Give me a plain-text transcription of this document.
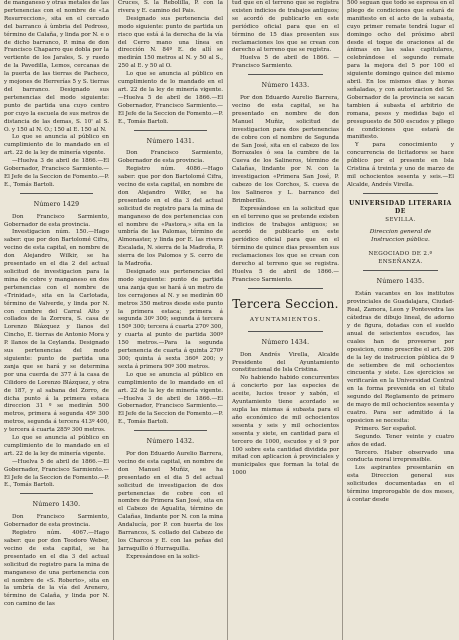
de manganeso y otras metales de las pertenencias con el nombre de «La Resurreccion», sita en el cercado del barranco á ùmbria del Pedroso, término de Calaña, y linda por N. e o de dicho barranco, P. mina de don Francisco Chaparro que dobla por la vertiente de los Jarales, S. y ruedo de la Pavedilla, Lemos, cercanas de la puerta de las tierras de Pacheco, y mojones de Herrerías 5 y S. tierras del barranco. Designado sus pertenencias del modo siguiente: punto de partida una cuyo centro por cuyo la escuela de sus metros de distancia de las demas, S. 10' al S. O. y 150 al N. O.; 150 al E. 150 al N.

Lo que se anuncia al público en cumplimiento de lo mandado en el art. 22 de la ley de minería vigente.

—Huelva 3 de abril de 1866.—El Gobernador, Francisco Sarmiento.—El Jefe de la Seccion de Fomento.—P. E., Tomás Bartoli.

Número 1429

Don Francisco Sarmiento, Gobernador de esta provincia.

Investigacion núm. 150.—Hago saber: que por don Bartolomé Cifra, vecino de esta capital, en nombre de don Alejandro Wilkir, se ha presentado en el dia 2 del actual solicitud de investigacion para la mina de cobre y manganeso en dos pertenencias con el nombre de «Trinidad», sita en la Carlotada, término de Valverde, y linda por N. con cumbre del Carral Alto y collados de la Zorrera, S. casa de Lorenzo Blázquez y llanos del Cincho, E. tierras de Antonio Mora y P. llanos de la Ceylanda. Designado sus pertenencias del modo siguiente: punto de partida una zanja que se hará y se determina por una cuerda de 377 á la casa de Cilidoro de Lorenzo Blázquez, y otra de 187, y al sabana del Zorro, de dicha punto á la primera estaca direccion 31 º se medirán 500 metros, primera á segunda 45º 300 metros, segunda á tercera 413º 400, y tercera á cuarta 285º 300 metros.

Lo que se anuncia al público en cumplimiento de lo mandado en el art. 22 de la ley de minería vigente.

—Huelva 5 de abril de 1866.—El Gobernador, Francisco Sarmiento.—El Jefe de la Seccion de Fomento.—P. E., Tomás Bartoli.

Número 1430.

Don Francisco Sarmiento, Gobernador de esta provincia.

Registro núm. 4067.—Hago saber: que por don Teodoro Weber, vecino de esta capital, se ha presentado en el dia 3 del actual solicitud de registro para la mina de manganeso de una pertenencia con el nombre de «S. Roberto», sita en la umbría de la vía del Arenero, término de Calaña, y linda por N. con camino de las

Cruces, S. la Rebolilla, P. con la rivera y E. camino del Pais.

Designado sus pertenencia del modo siguiente: punto de partida un risco que está á la derecha de la vía del Cerro mano una línea en dirección N. 84º E. de allí se medirán 150 metros al N. y 50 al S., 250 al E. y 50 al O.

Lo que se anuncia al público en cumplimiento de lo mandado en el art. 22 de la ley de minería vigente. —Huelva 5 de abril de 1866.—El Gobernador, Francisco Sarmiento.—El Jefe de la Seccion de Fomento.—P. E., Tomás Bartoli.

Número 1431.

Don Francisco Sarmiento, Gobernador de esta provincia.

Registro núm. 4086.—Hago saber: que por don Bartolomé Cifra, vecino de esta capital, en nombre de don Alejandro Wilkr, se ha presentado en el dia 3 del actual solicitud de registro para la mina de manganeso de dos pertenencias con el nombre de «Pastora,» sita en la umbría de las Palomas, término de Almonaster, y linda por E. las rivera Escalada, N. sierra de la Madroña, P. sierra de los Palomos y S. cerro de la Madroña.

Designado sus pertenencias del modo siguiente: punto de partida una zanja que se hará á un metro de los cerrajones al N. y se medirán 60 metros 350 metros desde este punto la primera estaca; primera á segunda 30º 300; segunda á tercera 150º 300; tercera á cuarta 270º 300, y cuarta al punto de partida 300º 150 metros.—Para la segunda pertenencia de cuarta á quinta 270º 300; quinta á sexta 360º 200; y sexta á primera 90º 300 metros.

Lo que se anuncia al público en cumplimiento de lo mandado en el art. 22 de la ley de minería vigente. —Huelva 3 de abril de 1866.—El Gobernador, Francisco Sarmiento.—El Jefe de la Seccion de Fomento.—P. E., Tomás Bartoli.

Número 1432.

Por don Eduardo Aurelio Barrera, vecino de esta capital, en nombre de don Manuel Muñiz, se ha presentado en el dia 5 del actual solicitud de investigacion de dos pertenencias de cobre con el nombre de Primera San José, sita en el Cabezo de Agualita, término de Calañas, lindante por N. con la mina Andalucía, por P. con huerta de los Barrancos, S. collado del Cabezo de los Charcos y E. con las peñas del Jarraquillo ó Hurraquilla.

Expresándose en la solici-

tud que en el terreno que se registra existen indicios de trabajos antiguos; se acordó de publicarlo en este periódico oficial para que en el término de 15 dias presenten sus reclamaciones los que se crean con derecho al terreno que se registra.

Huelva 5 de abril de 1866. —Francisco Sarmiento.

Número 1433.

Por don Eduardo Aurelio Barrera, vecino de esta capital, se ha presentado en nombre de don Manuel Muñiz, solicitud de investigacion para dos pertenencias de cobre con el nombre de Segunda de San José, sita en el cabezo de los Borrazales ó sea la cumbre de la Cueva de los Salineros, término de Calañas, lindante por N. con la investigacion «Primera San José, P. cabezo de los Corchos, S. cueva de los Salineros y L. barranco del Brimberillo.

Expresándose en la solicitud que en el terreno que se pretende existen indicios de trabajos antiguos; se acordó de publicarlo en este periódico oficial para que en el término de quince dias presenten sus reclamaciones los que se crean con derecho al terreno que se registra. Huelva 5 de abril de 1866.—Francisco Sarmiento.

Tercera Seccion.
AYUNTAMIENTOS.
Número 1434.

Don Andrés Virella, Alcalde Presidente del Ayuntamiento constitucional de Isla Cristina.

No habiendo habido concurrentes á concierto por las especies de aceite, lucios tresor y xabón, el Ayuntamiento tiene acordado se supla las mismas á subasta para el año económico de mil ochocientos sesenta y seis y mil ochocientos sesenta y siete, en cantidad para el tercero de 1000, escudos y el 9 por 100 sobre esta cantidad dividida por mitad con aplicacion á provinciales y municipales que forman la total de 1000

500 seguan que todo se espresa en el pliego de condiciones que estará de manifiesto en el acto de la subasta, cuyo primer remate tendrá lugar el domingo ocho del próximo abril desde el toque de oraciones al de ánimas en las salas capitulares, celebrándose el segundo remate para la mejora del 5 por 100 el siguiente domingo quince del mismo abril. En los mismos dias y horas señaladas, y con autorizacion del Sr. Gobernador de la provincia se sacan tambien á subasta el arbitrio de romana, pesos y medidas bajo el presupuesto de 500 escudos y pliego de condiciones que estará de manifiesto.

Y para conocimiento y concurrencia de licitadores se hace público por el presente en Isla Cristina á treinta y uno de marzo de mil ochocientos sesenta y seis.—El Alcalde, Andrés Virella.

UNIVERSIDAD LITERARIA DE
SEVILLA.
Direccion general de Instruccion pública.
NEGOCIADO DE 2.º ENSEÑANZA.
Número 1435.

Están vacantes en los institutos provinciales de Guadalajara, Ciudad-Real, Zamora, Leon y Pontevedra las cátedras de dibujo lineal, de adorno y de figura, dotadas con el sueldo anual de seiscientos escudos, las cuales han de proveerse por oposicion, como prescribe el art. 206 de la ley de instruccion pública de 9 de setiembre de mil ochocientos cincuenta y siete. Los ejercicios se verificarán en la Universidad Central en la forma prevenida en el título segundo del Reglamento de primero de mayo de mil ochocientos sesenta y cuatro. Para ser admitido á la oposicion se necesita:

Primero. Ser español.

Segundo. Tener veinte y cuatro años de edad.

Tercero. Haber observado una conducta moral irreprensible.

Los aspirantes presentarán en esta Direccion general sus solicitudes documentadas en el término improrogable de dos meses, á contar desde
